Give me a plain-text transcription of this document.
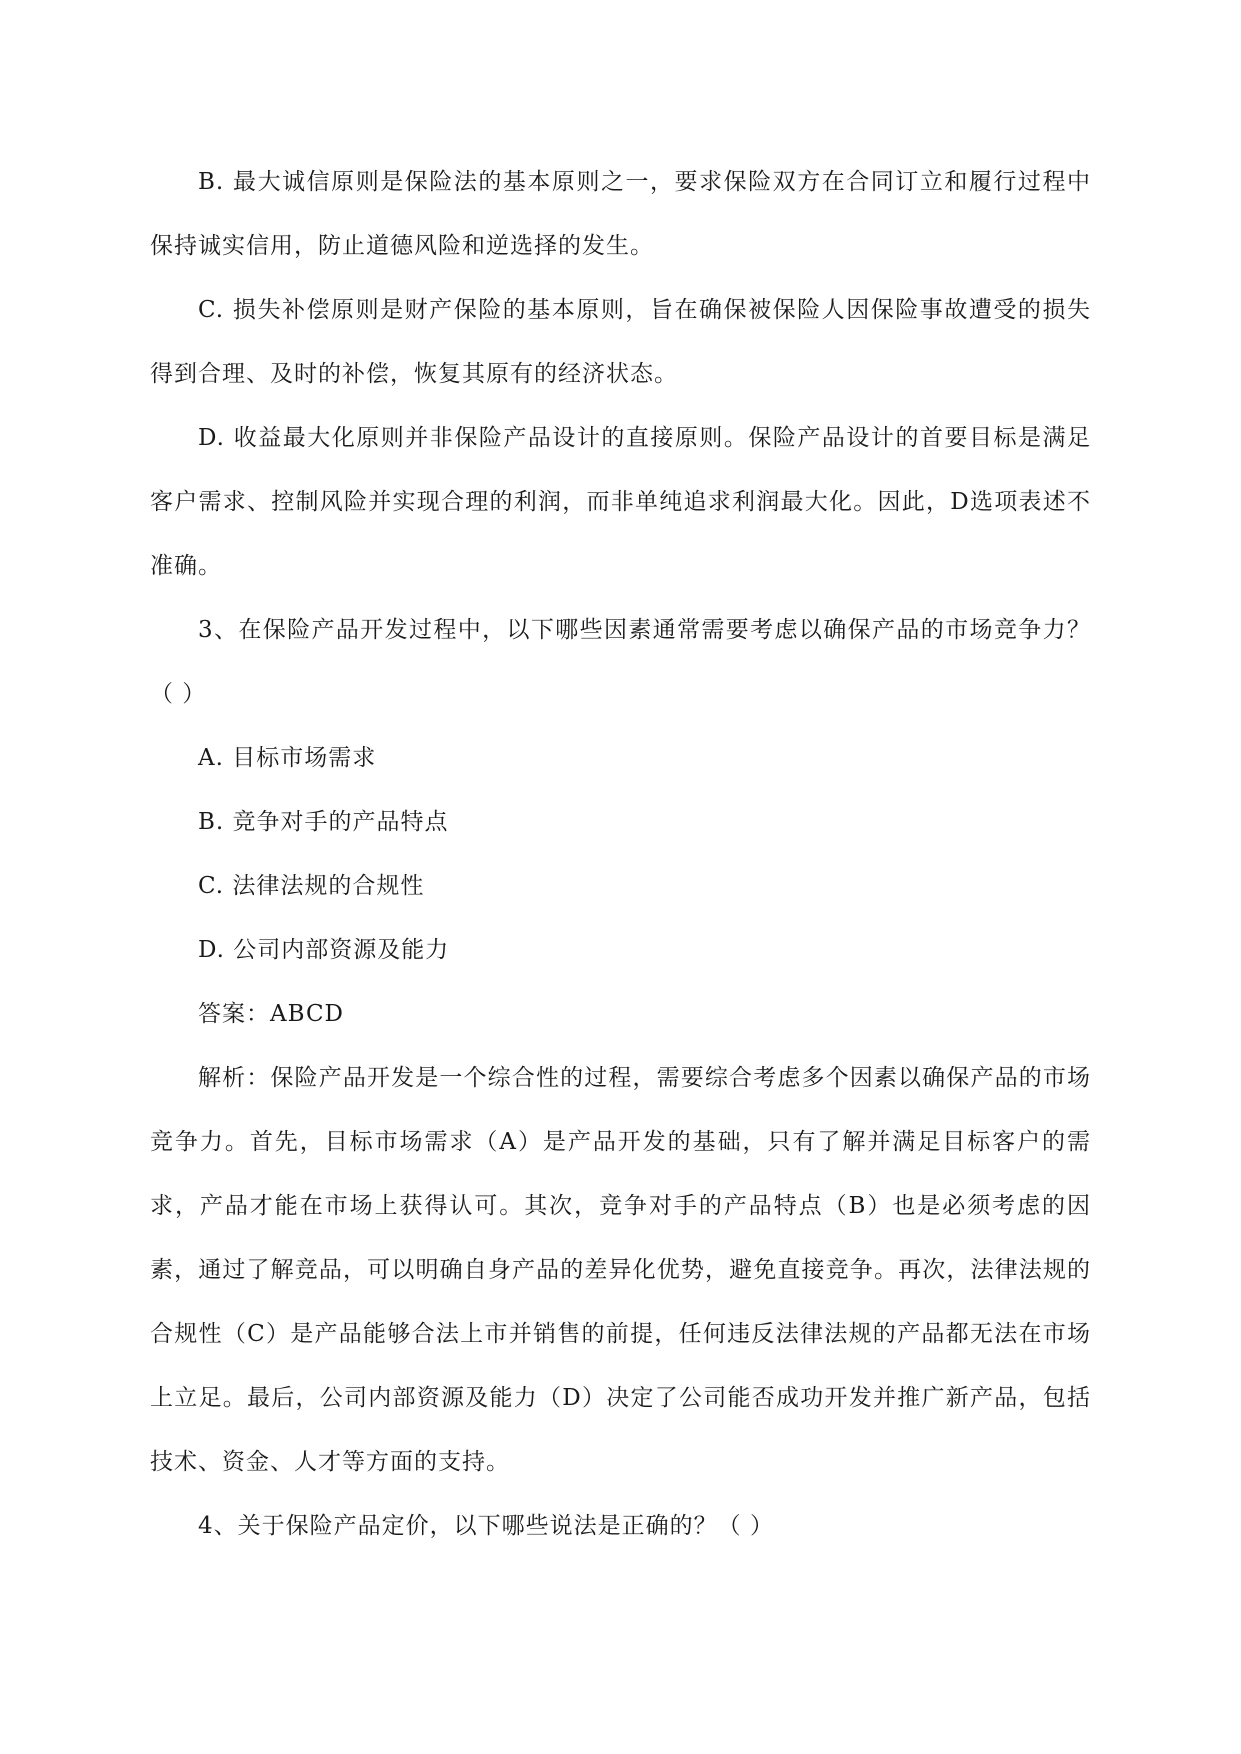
B. 最大诚信原则是保险法的基本原则之一，要求保险双方在合同订立和履行过程中保持诚实信用，防止道德风险和逆选择的发生。

C. 损失补偿原则是财产保险的基本原则，旨在确保被保险人因保险事故遭受的损失得到合理、及时的补偿，恢复其原有的经济状态。

D. 收益最大化原则并非保险产品设计的直接原则。保险产品设计的首要目标是满足客户需求、控制风险并实现合理的利润，而非单纯追求利润最大化。因此，D选项表述不准确。

3、在保险产品开发过程中，以下哪些因素通常需要考虑以确保产品的市场竞争力？（ ）

A. 目标市场需求

B. 竞争对手的产品特点

C. 法律法规的合规性

D. 公司内部资源及能力

答案：ABCD

解析：保险产品开发是一个综合性的过程，需要综合考虑多个因素以确保产品的市场竞争力。首先，目标市场需求（A）是产品开发的基础，只有了解并满足目标客户的需求，产品才能在市场上获得认可。其次，竞争对手的产品特点（B）也是必须考虑的因素，通过了解竞品，可以明确自身产品的差异化优势，避免直接竞争。再次，法律法规的合规性（C）是产品能够合法上市并销售的前提，任何违反法律法规的产品都无法在市场上立足。最后，公司内部资源及能力（D）决定了公司能否成功开发并推广新产品，包括技术、资金、人才等方面的支持。

4、关于保险产品定价，以下哪些说法是正确的？（ ）
